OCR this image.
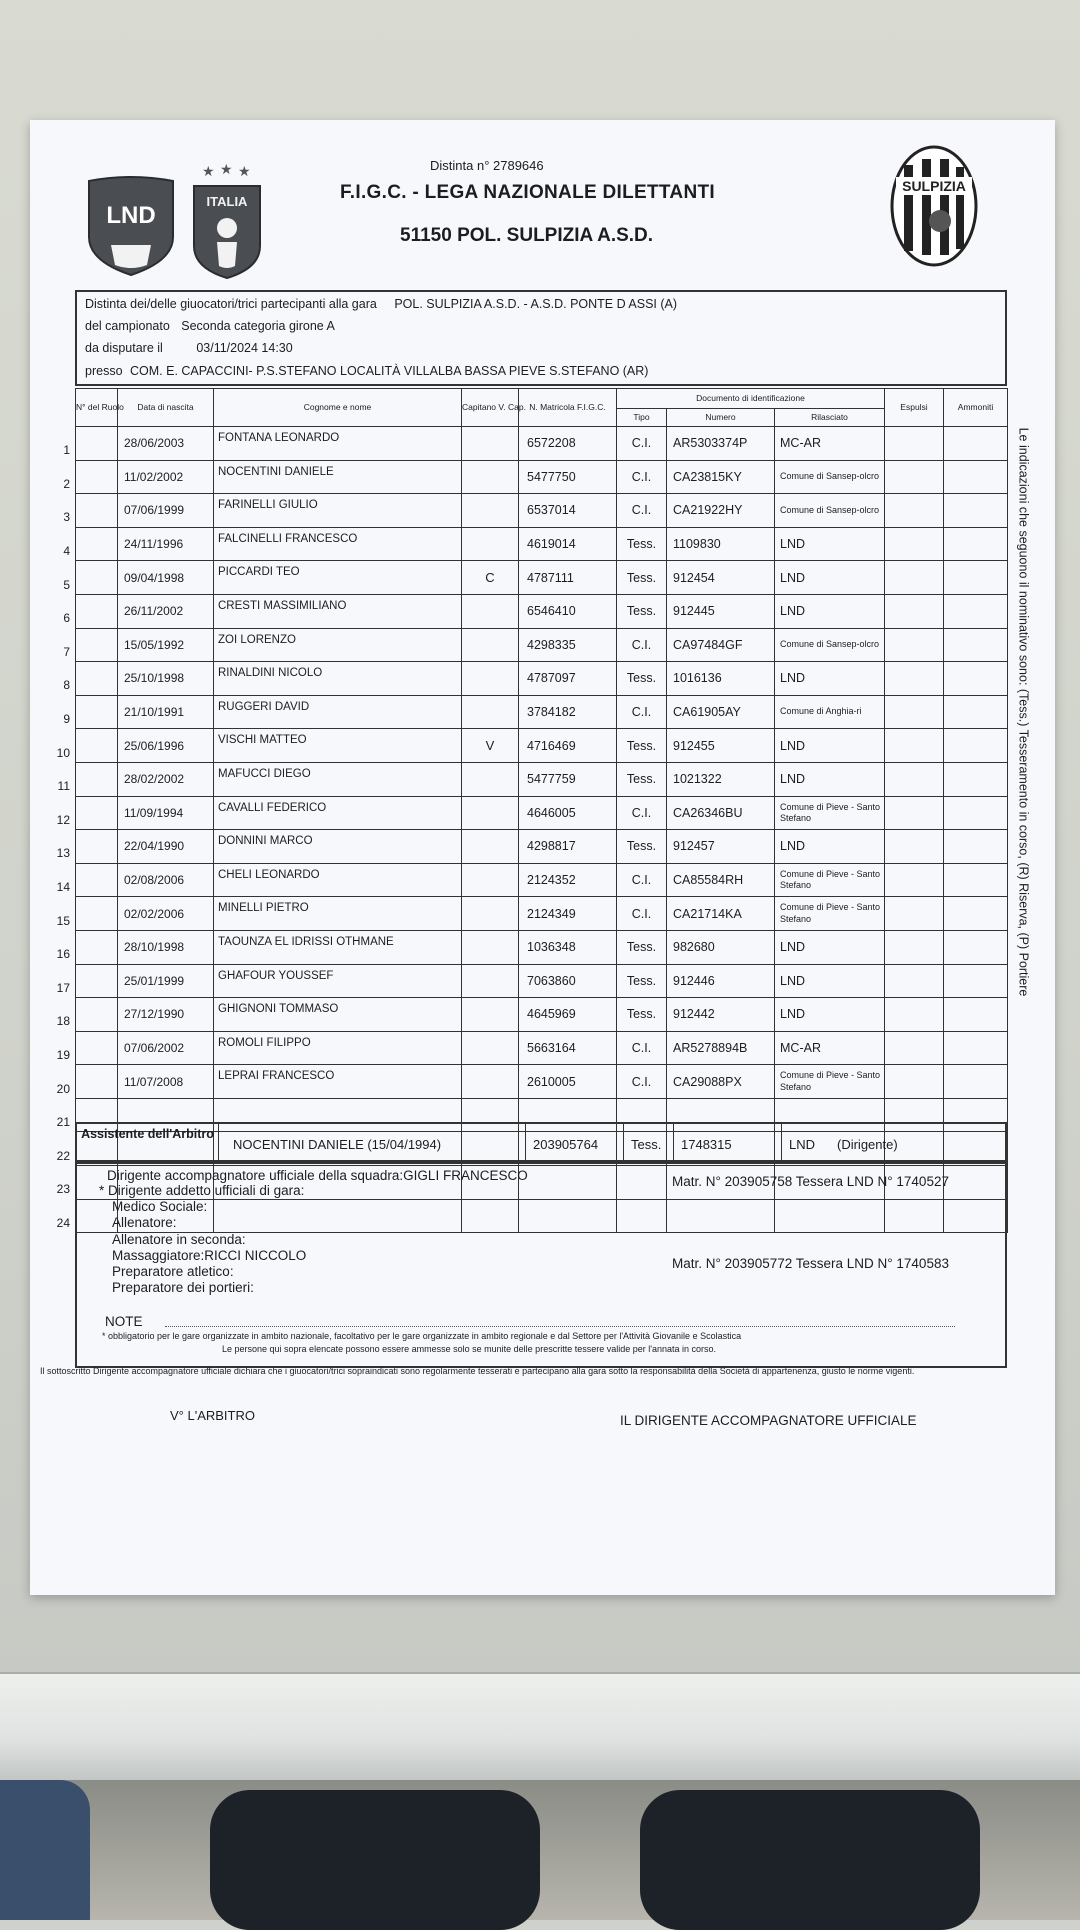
LND
★ ★ ★
ITALIA
Distinta n° 2789646
F.I.G.C. - LEGA NAZIONALE DILETTANTI
51150 POL. SULPIZIA A.S.D.
SULPIZIA
Distinta dei/delle giuocatori/trici partecipanti alla gara POL. SULPIZIA A.S.D. - A.S.D. PONTE D ASSI (A)
del campionato Seconda categoria girone A
da disputare il	03/11/2024 14:30
presso COM. E. CAPACCINI- P.S.STEFANO LOCALITÀ VILLALBA BASSA PIEVE S.STEFANO (AR)
N° del Ruolo	Data di nascita	Cognome e nome	Capitano V. Cap.	N. Matricola F.I.G.C.	Documento di identificazione			Espulsi	Ammoniti
					Tipo	Numero	Rilasciato		

1	28/06/2003	FONTANA LEONARDO		6572208	C.I.	AR5303374P	MC-AR		

2	11/02/2002	NOCENTINI DANIELE		5477750	C.I.	CA23815KY	Comune di Sansep-olcro		

3	07/06/1999	FARINELLI GIULIO		6537014	C.I.	CA21922HY	Comune di Sansep-olcro		

4	24/11/1996	FALCINELLI FRANCESCO		4619014	Tess.	1109830	LND		

5	09/04/1998	PICCARDI TEO	C	4787111	Tess.	912454	LND		

6	26/11/2002	CRESTI MASSIMILIANO		6546410	Tess.	912445	LND		

7	15/05/1992	ZOI LORENZO		4298335	C.I.	CA97484GF	Comune di Sansep-olcro		

8	25/10/1998	RINALDINI NICOLO		4787097	Tess.	1016136	LND		

9	21/10/1991	RUGGERI DAVID		3784182	C.I.	CA61905AY	Comune di Anghia-ri		

10	25/06/1996	VISCHI MATTEO	V	4716469	Tess.	912455	LND		

11	28/02/2002	MAFUCCI DIEGO		5477759	Tess.	1021322	LND		

12	11/09/1994	CAVALLI FEDERICO		4646005	C.I.	CA26346BU	Comune di Pieve - Santo Stefano		

13	22/04/1990	DONNINI MARCO		4298817	Tess.	912457	LND		

14	02/08/2006	CHELI LEONARDO		2124352	C.I.	CA85584RH	Comune di Pieve - Santo Stefano		

15	02/02/2006	MINELLI PIETRO		2124349	C.I.	CA21714KA	Comune di Pieve - Santo Stefano		

16	28/10/1998	TAOUNZA EL IDRISSI OTHMANE		1036348	Tess.	982680	LND		

17	25/01/1999	GHAFOUR YOUSSEF		7063860	Tess.	912446	LND		

18	27/12/1990	GHIGNONI TOMMASO		4645969	Tess.	912442	LND		

19	07/06/2002	ROMOLI FILIPPO		5663164	C.I.	AR5278894B	MC-AR		

20	11/07/2008	LEPRAI FRANCESCO		2610005	C.I.	CA29088PX	Comune di Pieve - Santo Stefano		

21									

22									

23									

24									

Le indicazioni che seguono il nominativo sono: (Tess.) Tesseramento in corso, (R) Riserva, (P) Portiere
Assistente dell'Arbitro
NOCENTINI DANIELE (15/04/1994)	203905764	Tess. 1748315	LND (Dirigente)
Dirigente accompagnatore ufficiale della squadra:GIGLI FRANCESCO	Matr. N° 203905758 Tessera LND N° 1740527
* Dirigente addetto ufficiali di gara:
Medico Sociale:
Allenatore:
Allenatore in seconda:
Massaggiatore:RICCI NICCOLO
Matr. N° 203905772 Tessera LND N° 1740583
Preparatore atletico:
Preparatore dei portieri:
NOTE
* obbligatorio per le gare organizzate in ambito nazionale, facoltativo per le gare organizzate in ambito regionale e dal Settore per l'Attività Giovanile e Scolastica
Le persone qui sopra elencate possono essere ammesse solo se munite delle prescritte tessere valide per l'annata in corso.
Il sottoscritto Dirigente accompagnatore ufficiale dichiara che i giuocatori/trici sopraindicati sono regolarmente tesserati e partecipano alla gara sotto la responsabilità della Società di appartenenza, giusto le norme vigenti.
V° L'ARBITRO	IL DIRIGENTE ACCOMPAGNATORE UFFICIALE
